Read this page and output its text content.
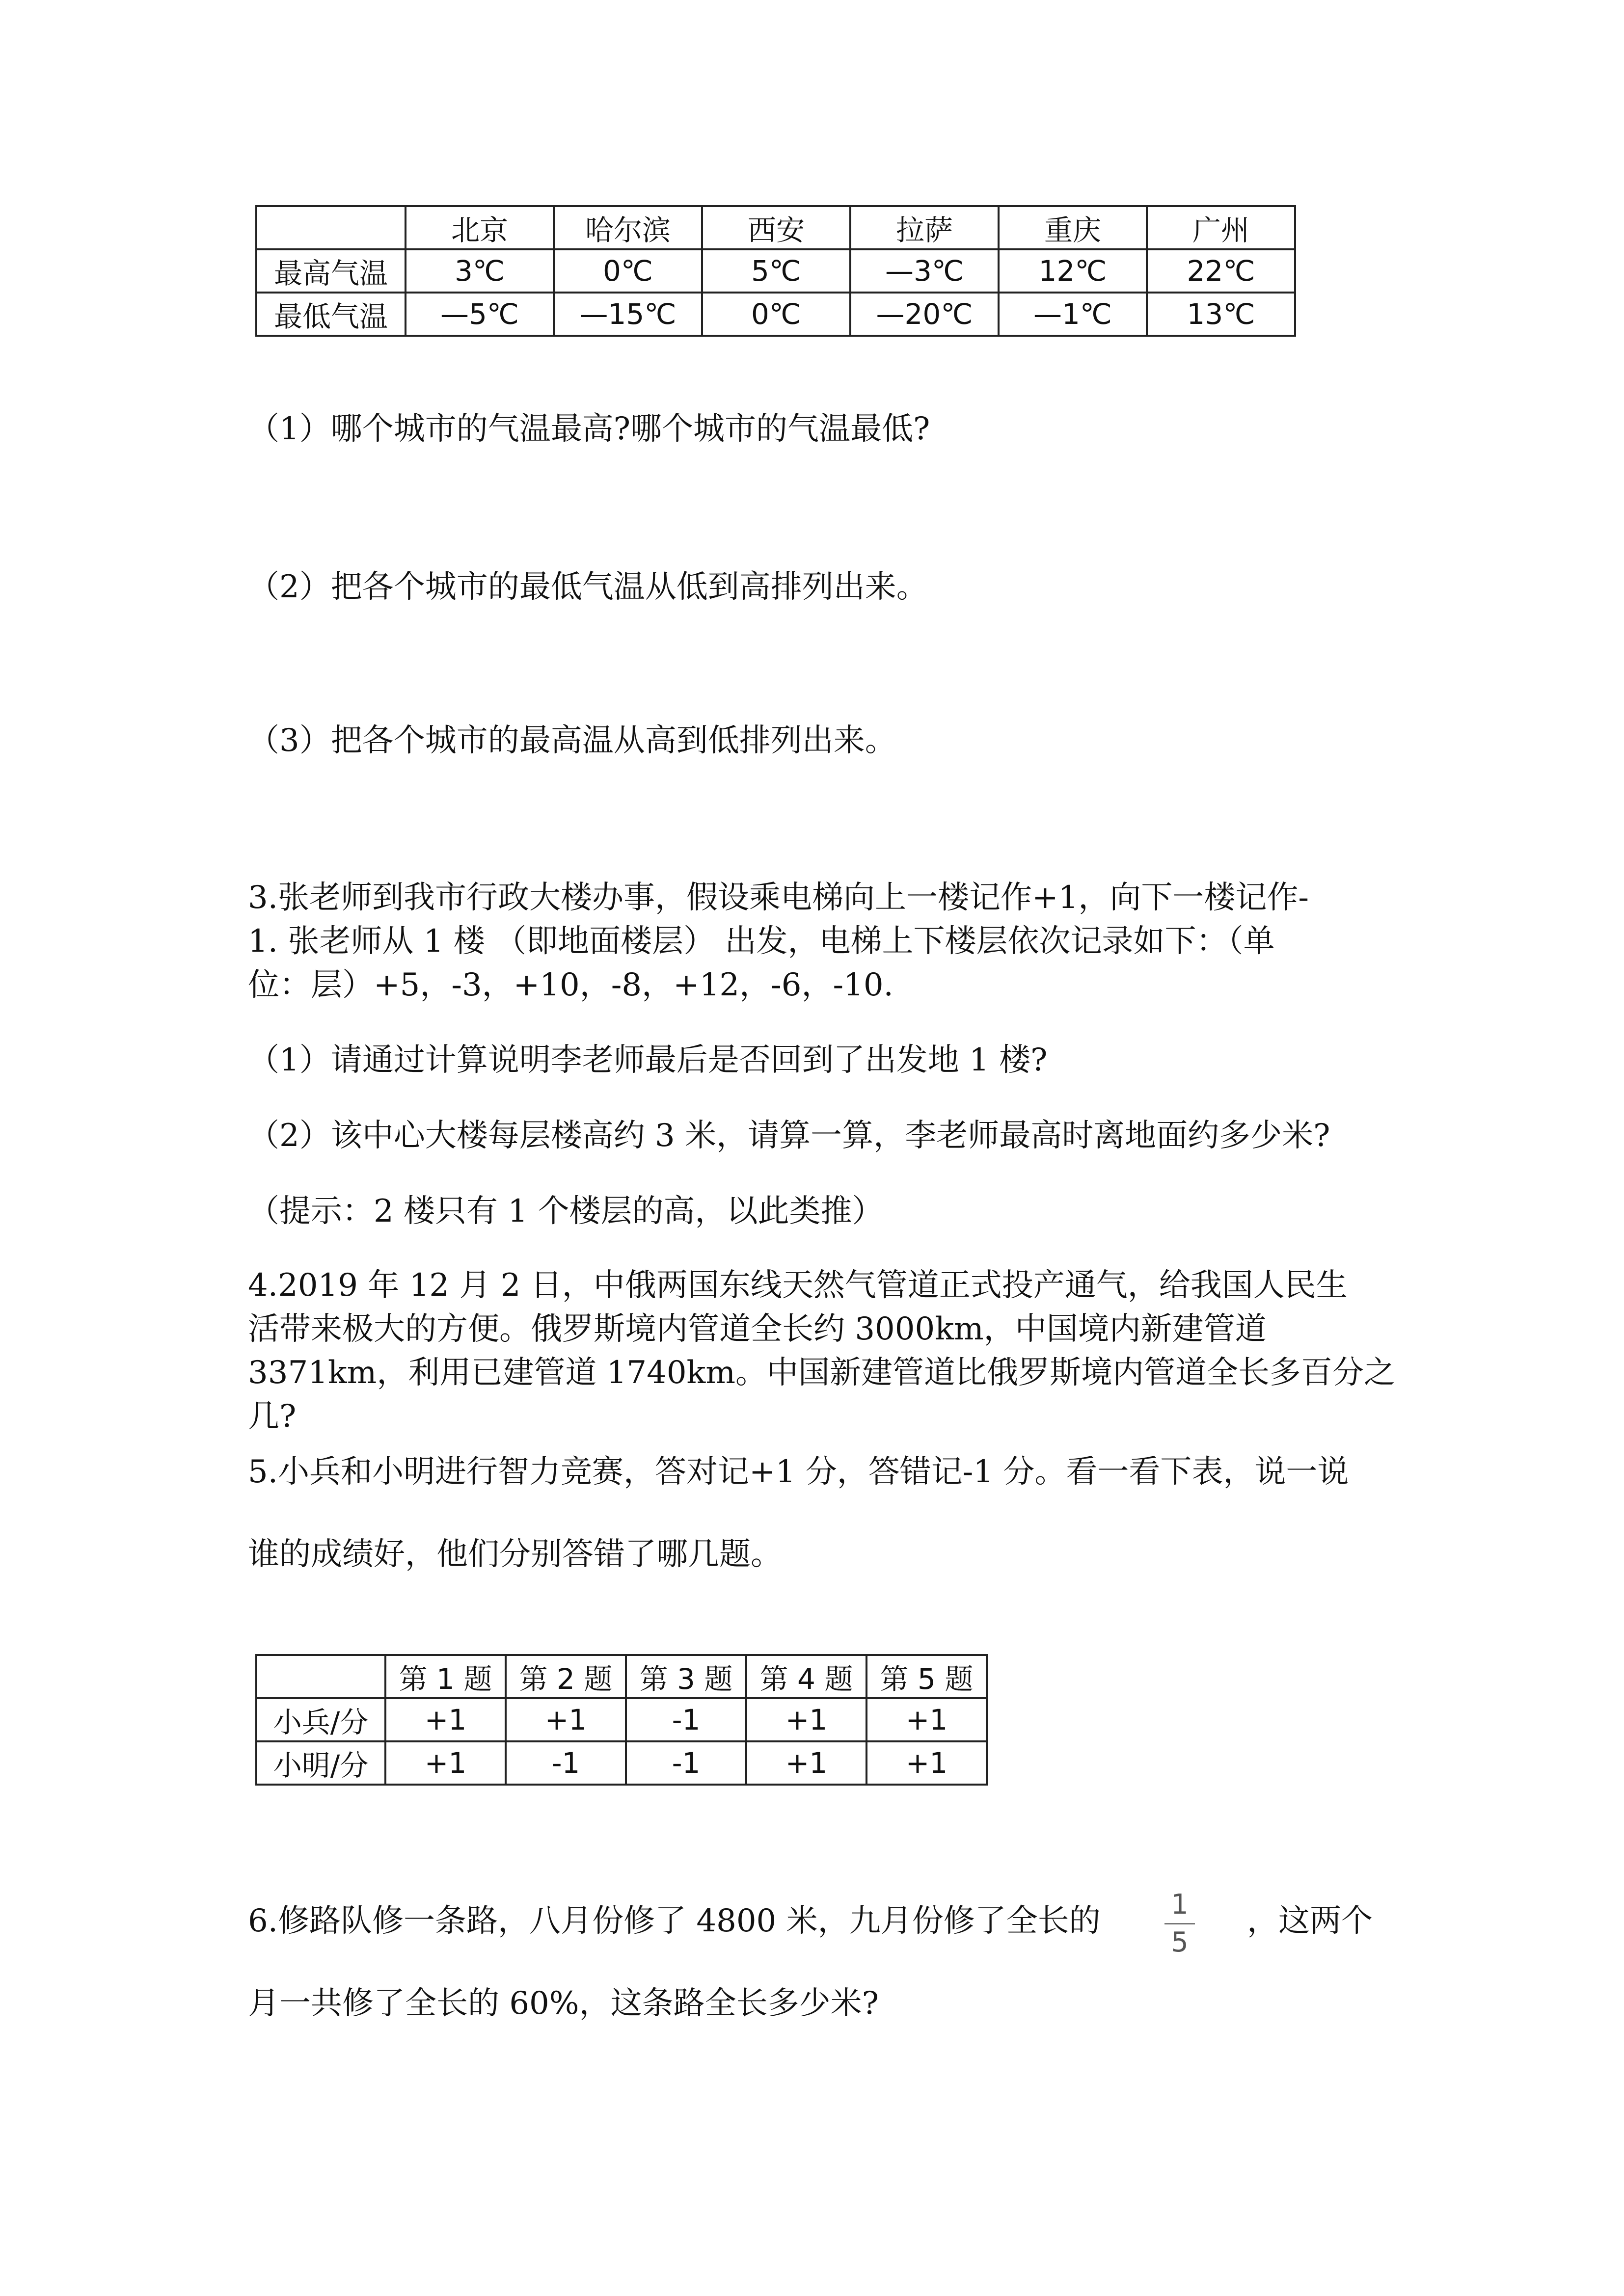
	北京	哈尔滨	西安	拉萨	重庆	广州
最高气温	3℃	0℃	5℃	—3℃	12℃	22℃
最低气温	—5℃	—15℃	0℃	—20℃	—1℃	13℃
（1）哪个城市的气温最高?哪个城市的气温最低?
（2）把各个城市的最低气温从低到高排列出来。
（3）把各个城市的最高温从高到低排列出来。
3.张老师到我市行政大楼办事，假设乘电梯向上一楼记作+1，向下一楼记作-
1. 张老师从 1 楼 （即地面楼层） 出发，电梯上下楼层依次记录如下：（单
位：层）+5，-3，+10，-8，+12，-6，-10.
（1）请通过计算说明李老师最后是否回到了出发地 1 楼?
（2）该中心大楼每层楼高约 3 米，请算一算，李老师最高时离地面约多少米?
（提示：2 楼只有 1 个楼层的高，以此类推）
4.2019 年 12 月 2 日，中俄两国东线天然气管道正式投产通气，给我国人民生
活带来极大的方便。俄罗斯境内管道全长约 3000km，中国境内新建管道
3371km，利用已建管道 1740km。中国新建管道比俄罗斯境内管道全长多百分之
几?
5.小兵和小明进行智力竞赛，答对记+1 分，答错记-1 分。看一看下表，说一说
谁的成绩好，他们分别答错了哪几题。
	第 1 题	第 2 题	第 3 题	第 4 题	第 5 题
小兵/分	+1	+1	-1	+1	+1
小明/分	+1	-1	-1	+1	+1
6.修路队修一条路，八月份修了 4800 米，九月份修了全长的	1
5
，这两个
月一共修了全长的 60%，这条路全长多少米?
